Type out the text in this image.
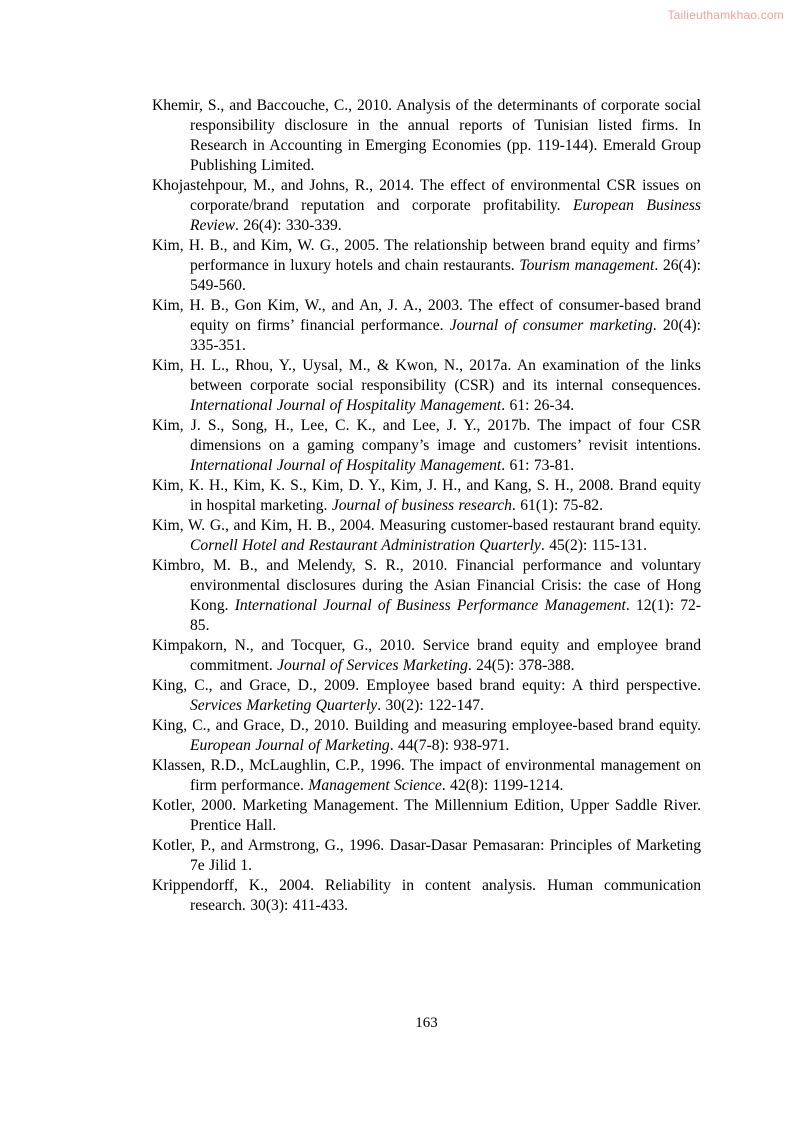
Tailieuthamkhao.com

Khemir, S., and Baccouche, C., 2010. Analysis of the determinants of corporate social responsibility disclosure in the annual reports of Tunisian listed firms. In Research in Accounting in Emerging Economies (pp. 119-144). Emerald Group Publishing Limited.

Khojastehpour, M., and Johns, R., 2014. The effect of environmental CSR issues on corporate/brand reputation and corporate profitability. European Business Review. 26(4): 330-339.

Kim, H. B., and Kim, W. G., 2005. The relationship between brand equity and firms’ performance in luxury hotels and chain restaurants. Tourism management. 26(4): 549-560.

Kim, H. B., Gon Kim, W., and An, J. A., 2003. The effect of consumer-based brand equity on firms’ financial performance. Journal of consumer marketing. 20(4): 335-351.

Kim, H. L., Rhou, Y., Uysal, M., & Kwon, N., 2017a. An examination of the links between corporate social responsibility (CSR) and its internal consequences. International Journal of Hospitality Management. 61: 26-34.

Kim, J. S., Song, H., Lee, C. K., and Lee, J. Y., 2017b. The impact of four CSR dimensions on a gaming company’s image and customers’ revisit intentions. International Journal of Hospitality Management. 61: 73-81.

Kim, K. H., Kim, K. S., Kim, D. Y., Kim, J. H., and Kang, S. H., 2008. Brand equity in hospital marketing. Journal of business research. 61(1): 75-82.

Kim, W. G., and Kim, H. B., 2004. Measuring customer-based restaurant brand equity. Cornell Hotel and Restaurant Administration Quarterly. 45(2): 115-131.

Kimbro, M. B., and Melendy, S. R., 2010. Financial performance and voluntary environmental disclosures during the Asian Financial Crisis: the case of Hong Kong. International Journal of Business Performance Management. 12(1): 72-85.

Kimpakorn, N., and Tocquer, G., 2010. Service brand equity and employee brand commitment. Journal of Services Marketing. 24(5): 378-388.

King, C., and Grace, D., 2009. Employee based brand equity: A third perspective. Services Marketing Quarterly. 30(2): 122-147.

King, C., and Grace, D., 2010. Building and measuring employee-based brand equity. European Journal of Marketing. 44(7-8): 938-971.

Klassen, R.D., McLaughlin, C.P., 1996. The impact of environmental management on firm performance. Management Science. 42(8): 1199-1214.

Kotler, 2000. Marketing Management. The Millennium Edition, Upper Saddle River. Prentice Hall.

Kotler, P., and Armstrong, G., 1996. Dasar-Dasar Pemasaran: Principles of Marketing 7e Jilid 1.

Krippendorff, K., 2004. Reliability in content analysis. Human communication research. 30(3): 411-433.

163
